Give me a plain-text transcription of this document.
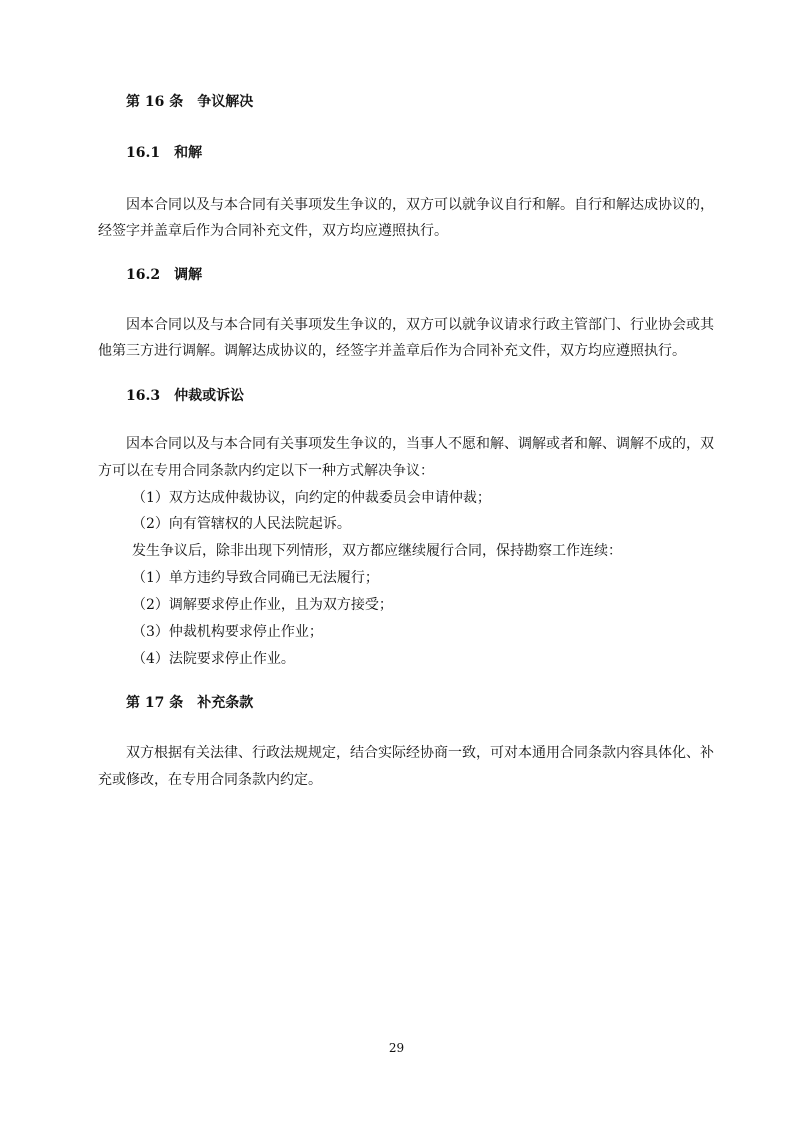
第 16 条 争议解决
16.1 和解
因本合同以及与本合同有关事项发生争议的，双方可以就争议自行和解。自行和解达成协议的，
经签字并盖章后作为合同补充文件，双方均应遵照执行。
16.2 调解
因本合同以及与本合同有关事项发生争议的，双方可以就争议请求行政主管部门、行业协会或其
他第三方进行调解。调解达成协议的，经签字并盖章后作为合同补充文件，双方均应遵照执行。
16.3 仲裁或诉讼
因本合同以及与本合同有关事项发生争议的，当事人不愿和解、调解或者和解、调解不成的，双
方可以在专用合同条款内约定以下一种方式解决争议：
（1）双方达成仲裁协议，向约定的仲裁委员会申请仲裁；
（2）向有管辖权的人民法院起诉。
发生争议后，除非出现下列情形，双方都应继续履行合同，保持勘察工作连续：
（1）单方违约导致合同确已无法履行；
（2）调解要求停止作业，且为双方接受；
（3）仲裁机构要求停止作业；
（4）法院要求停止作业。
第 17 条 补充条款
双方根据有关法律、行政法规规定，结合实际经协商一致，可对本通用合同条款内容具体化、补
充或修改，在专用合同条款内约定。
29
